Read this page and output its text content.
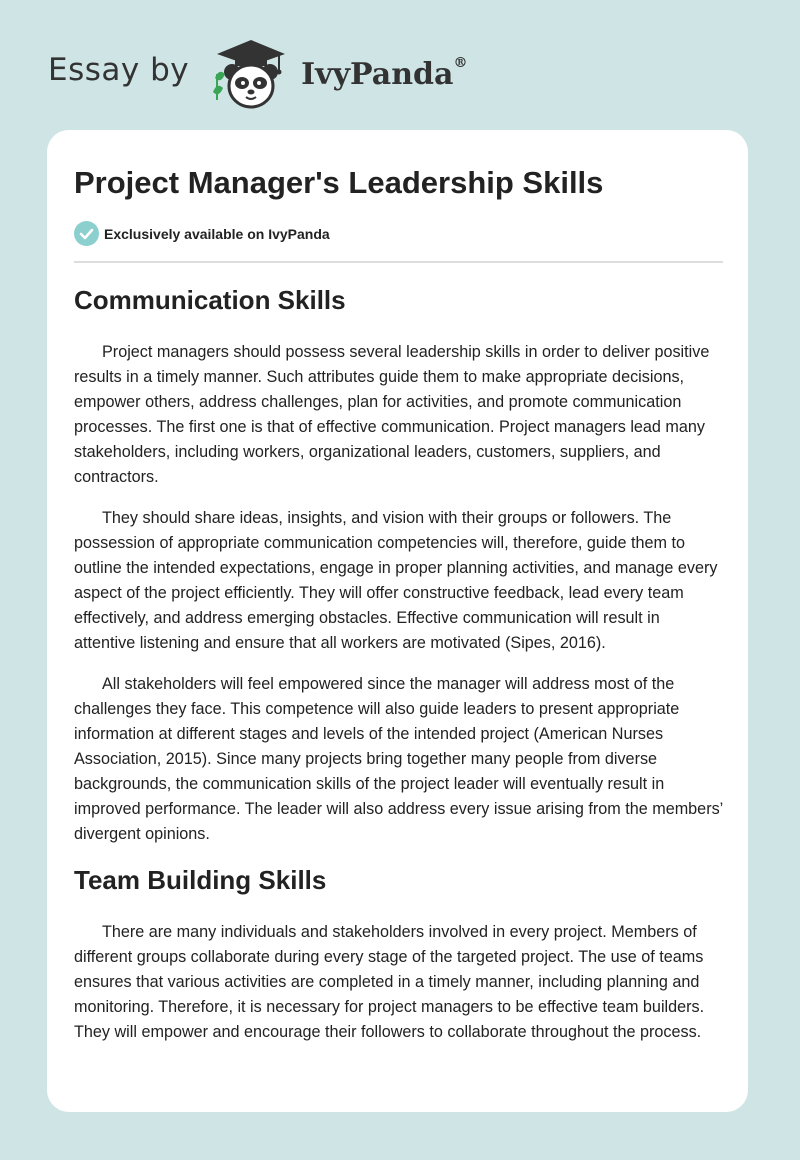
Essay by	IvyPanda®
Project Manager's Leadership Skills
Exclusively available on IvyPanda
Communication Skills

Project managers should possess several leadership skills in order to deliver positive results in a timely manner. Such attributes guide them to make appropriate decisions, empower others, address challenges, plan for activities, and promote communication processes. The first one is that of effective communication. Project managers lead many stakeholders, including workers, organizational leaders, customers, suppliers, and contractors.

They should share ideas, insights, and vision with their groups or followers. The possession of appropriate communication competencies will, therefore, guide them to outline the intended expectations, engage in proper planning activities, and manage every aspect of the project efficiently. They will offer constructive feedback, lead every team effectively, and address emerging obstacles. Effective communication will result in attentive listening and ensure that all workers are motivated (Sipes, 2016).

All stakeholders will feel empowered since the manager will address most of the challenges they face. This competence will also guide leaders to present appropriate information at different stages and levels of the intended project (American Nurses Association, 2015). Since many projects bring together many people from diverse backgrounds, the communication skills of the project leader will eventually result in improved performance. The leader will also address every issue arising from the members’ divergent opinions.

Team Building Skills

There are many individuals and stakeholders involved in every project. Members of different groups collaborate during every stage of the targeted project. The use of teams ensures that various activities are completed in a timely manner, including planning and monitoring. Therefore, it is necessary for project managers to be effective team builders. They will empower and encourage their followers to collaborate throughout the process.
